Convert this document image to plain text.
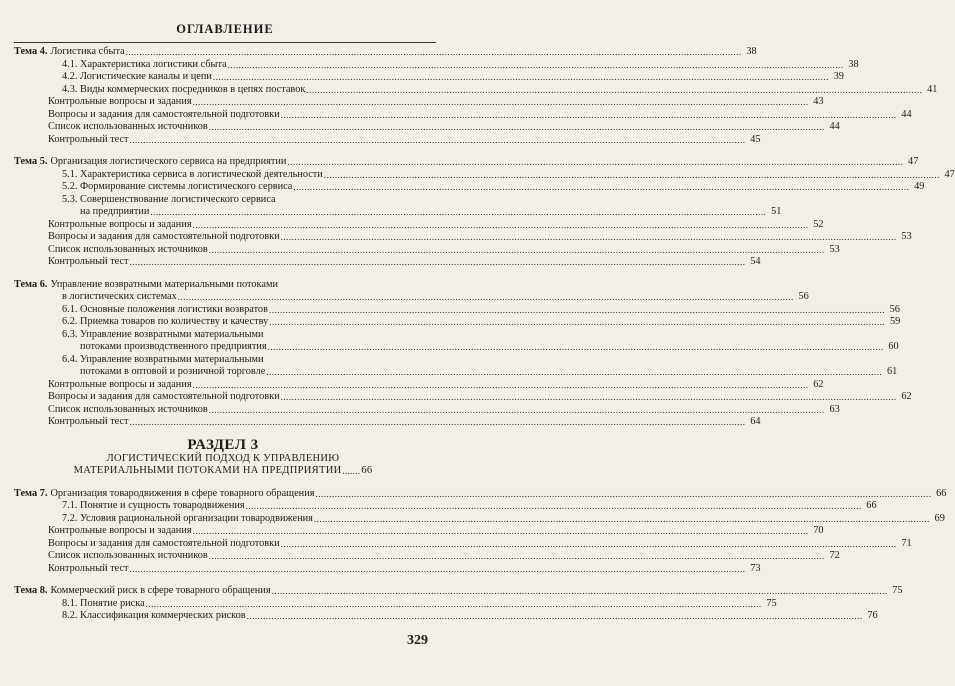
ОГЛАВЛЕНИЕ
Тема 4. Логистика сбыта .....	38
4.1. Характеристика логистики сбыта .....	38
4.2. Логистические каналы и цепи .....	39
4.3. Виды коммерческих посредников в цепях поставок .....	41
Контрольные вопросы и задания .....	43
Вопросы и задания для самостоятельной подготовки .....	44
Список использованных источников .....	44
Контрольный тест .....	45
Тема 5. Организация логистического сервиса на предприятии .....	47
5.1. Характеристика сервиса в логистической деятельности .....	47
5.2. Формирование системы логистического сервиса .....	49
5.3. Совершенствование логистического сервиса
на предприятии .....	51
Контрольные вопросы и задания .....	52
Вопросы и задания для самостоятельной подготовки .....	53
Список использованных источников .....	53
Контрольный тест .....	54
Тема 6. Управление возвратными материальными потоками
в логистических системах .....	56
6.1. Основные положения логистики возвратов .....	56
6.2. Приемка товаров по количеству и качеству .....	59
6.3. Управление возвратными материальными
потоками производственного предприятия .....	60
6.4. Управление возвратными материальными
потоками в оптовой и розничной торговле .....	61
Контрольные вопросы и задания .....	62
Вопросы и задания для самостоятельной подготовки .....	62
Список использованных источников .....	63
Контрольный тест .....	64
РАЗДЕЛ 3
ЛОГИСТИЧЕСКИЙ ПОДХОД К УПРАВЛЕНИЮ
МАТЕРИАЛЬНЫМИ ПОТОКАМИ НА ПРЕДПРИЯТИИ ....... 66
Тема 7. Организация товародвижения в сфере товарного обращения .....	66
7.1. Понятие и сущность товародвижения .....	66
7.2. Условия рациональной организации товародвижения .....	69
Контрольные вопросы и задания .....	70
Вопросы и задания для самостоятельной подготовки .....	71
Список использованных источников .....	72
Контрольный тест .....	73
Тема 8. Коммерческий риск в сфере товарного обращения .....	75
8.1. Понятие риска .....	75
8.2. Классификация коммерческих рисков .....	76
329
